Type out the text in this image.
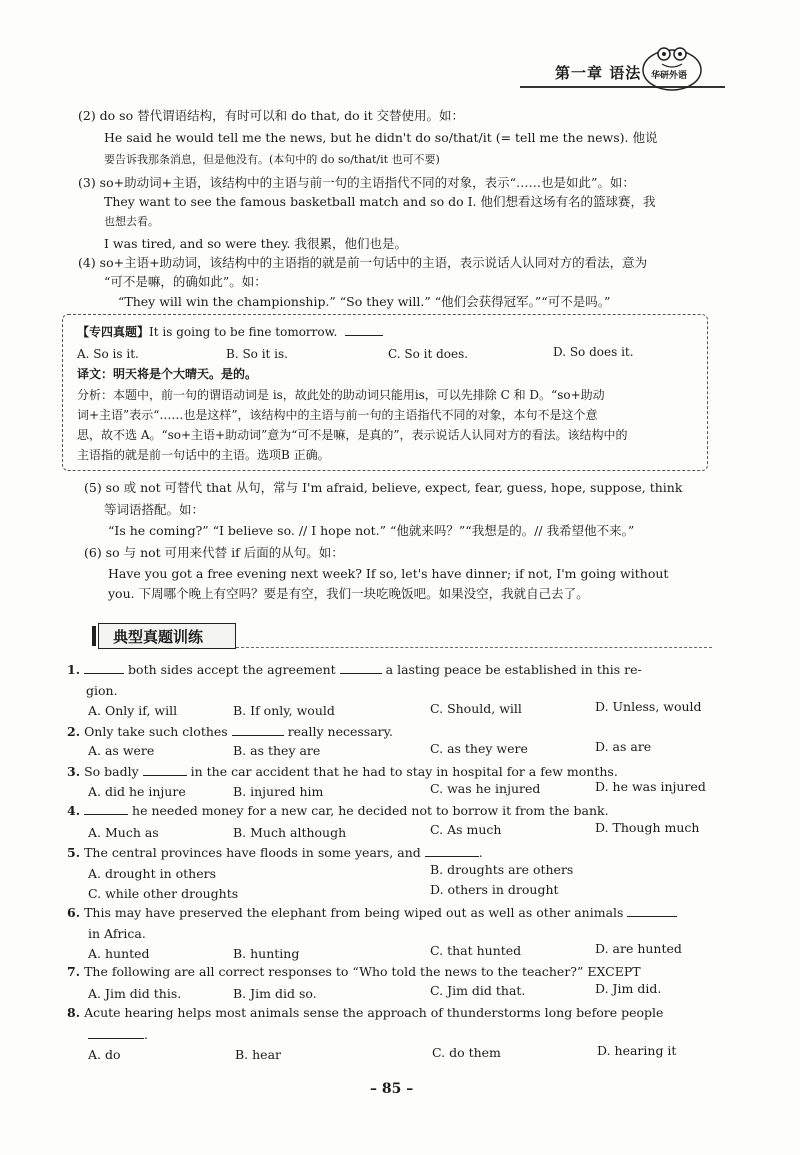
第一章 语法 华研外语
(2) do so 替代谓语结构，有时可以和 do that, do it 交替使用。如：
He said he would tell me the news, but he didn't do so/that/it (= tell me the news). 他说
要告诉我那条消息，但是他没有。(本句中的 do so/that/it 也可不要)
(3) so+助动词+主语，该结构中的主语与前一句的主语指代不同的对象，表示“……也是如此”。如：
They want to see the famous basketball match and so do I. 他们想看这场有名的篮球赛，我
也想去看。
I was tired, and so were they. 我很累，他们也是。
(4) so+主语+助动词，该结构中的主语指的就是前一句话中的主语，表示说话人认同对方的看法，意为
“可不是嘛，的确如此”。如：
“They will win the championship.” “So they will.” “他们会获得冠军。”“可不是吗。”
【专四真题】It is going to be fine tomorrow.
A. So is it.	B. So it is.	C. So it does.	D. So does it.
译文：明天将是个大晴天。是的。
分析：本题中，前一句的谓语动词是 is，故此处的助动词只能用is，可以先排除 C 和 D。“so+助动
词+主语”表示“……也是这样”，该结构中的主语与前一句的主语指代不同的对象，本句不是这个意
思，故不选 A。“so+主语+助动词”意为“可不是嘛，是真的”，表示说话人认同对方的看法。该结构中的
主语指的就是前一句话中的主语。选项B 正确。
(5) so 或 not 可替代 that 从句，常与 I'm afraid, believe, expect, fear, guess, hope, suppose, think
等词语搭配。如：
“Is he coming?” “I believe so. // I hope not.” “他就来吗？”“我想是的。// 我希望他不来。”
(6) so 与 not 可用来代替 if 后面的从句。如：
Have you got a free evening next week? If so, let's have dinner; if not, I'm going without
you. 下周哪个晚上有空吗？要是有空，我们一块吃晚饭吧。如果没空，我就自己去了。
典型真题训练
1.	both sides accept the agreement	a lasting peace be established in this re-
gion.
A. Only if, will	B. If only, would	C. Should, will	D. Unless, would
2. Only take such clothes	really necessary.
A. as were	B. as they are	C. as they were	D. as are
3. So badly	in the car accident that he had to stay in hospital for a few months.
A. did he injure	B. injured him	C. was he injured	D. he was injured
4.	he needed money for a new car, he decided not to borrow it from the bank.
A. Much as	B. Much although	C. As much	D. Though much
5. The central provinces have floods in some years, and	.
A. drought in others	B. droughts are others
C. while other droughts	D. others in drought
6. This may have preserved the elephant from being wiped out as well as other animals
in Africa.
A. hunted	B. hunting	C. that hunted	D. are hunted
7. The following are all correct responses to “Who told the news to the teacher?” EXCEPT
A. Jim did this.	B. Jim did so.	C. Jim did that.	D. Jim did.
8. Acute hearing helps most animals sense the approach of thunderstorms long before people
.
A. do	B. hear	C. do them	D. hearing it
– 85 –
